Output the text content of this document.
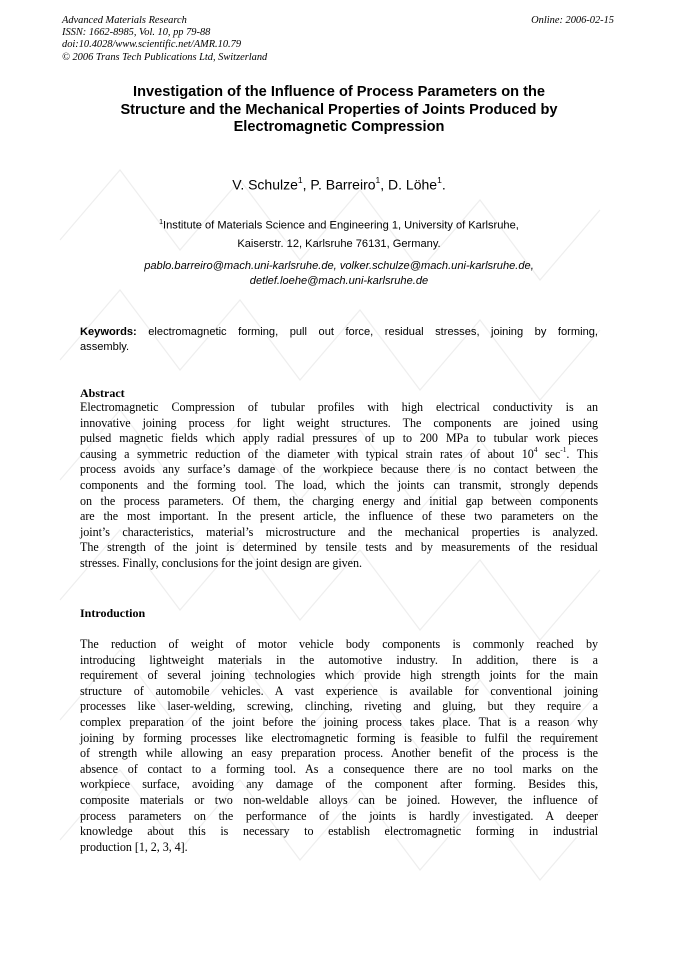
Advanced Materials Research
ISSN: 1662-8985, Vol. 10, pp 79-88
doi:10.4028/www.scientific.net/AMR.10.79
© 2006 Trans Tech Publications Ltd, Switzerland
Online: 2006-02-15
Investigation of the Influence of Process Parameters on the
Structure and the Mechanical Properties of Joints Produced by
Electromagnetic Compression
V. Schulze$^1$, P. Barreiro$^1$, D. Löhe$^1$.
$^1$Institute of Materials Science and Engineering 1, University of Karlsruhe,
Kaiserstr. 12, Karlsruhe 76131, Germany.
pablo.barreiro@mach.uni-karlsruhe.de, volker.schulze@mach.uni-karlsruhe.de,
detlef.loehe@mach.uni-karlsruhe.de
Keywords: electromagnetic forming, pull out force, residual stresses, joining by forming,
assembly.
Abstract
Electromagnetic Compression of tubular profiles with high electrical conductivity is an
innovative joining process for light weight structures. The components are joined using
pulsed magnetic fields which apply radial pressures of up to 200 MPa to tubular work pieces
causing a symmetric reduction of the diameter with typical strain rates of about $10^4$ $\sec^{-1}$. This
process avoids any surface’s damage of the workpiece because there is no contact between the
components and the forming tool. The load, which the joints can transmit, strongly depends
on the process parameters. Of them, the charging energy and initial gap between components
are the most important. In the present article, the influence of these two parameters on the
joint’s characteristics, material’s microstructure and the mechanical properties is analyzed.
The strength of the joint is determined by tensile tests and by measurements of the residual
stresses. Finally, conclusions for the joint design are given.
Introduction
The reduction of weight of motor vehicle body components is commonly reached by
introducing lightweight materials in the automotive industry. In addition, there is a
requirement of several joining technologies which provide high strength joints for the main
structure of automobile vehicles. A vast experience is available for conventional joining
processes like laser-welding, screwing, clinching, riveting and gluing, but they require a
complex preparation of the joint before the joining process takes place. That is a reason why
joining by forming processes like electromagnetic forming is feasible to fulfil the requirement
of strength while allowing an easy preparation process. Another benefit of the process is the
absence of contact to a forming tool. As a consequence there are no tool marks on the
workpiece surface, avoiding any damage of the component after forming. Besides this,
composite materials or two non-weldable alloys can be joined. However, the influence of
process parameters on the performance of the joints is hardly investigated. A deeper
knowledge about this is necessary to establish electromagnetic forming in industrial
production [1, 2, 3, 4].
